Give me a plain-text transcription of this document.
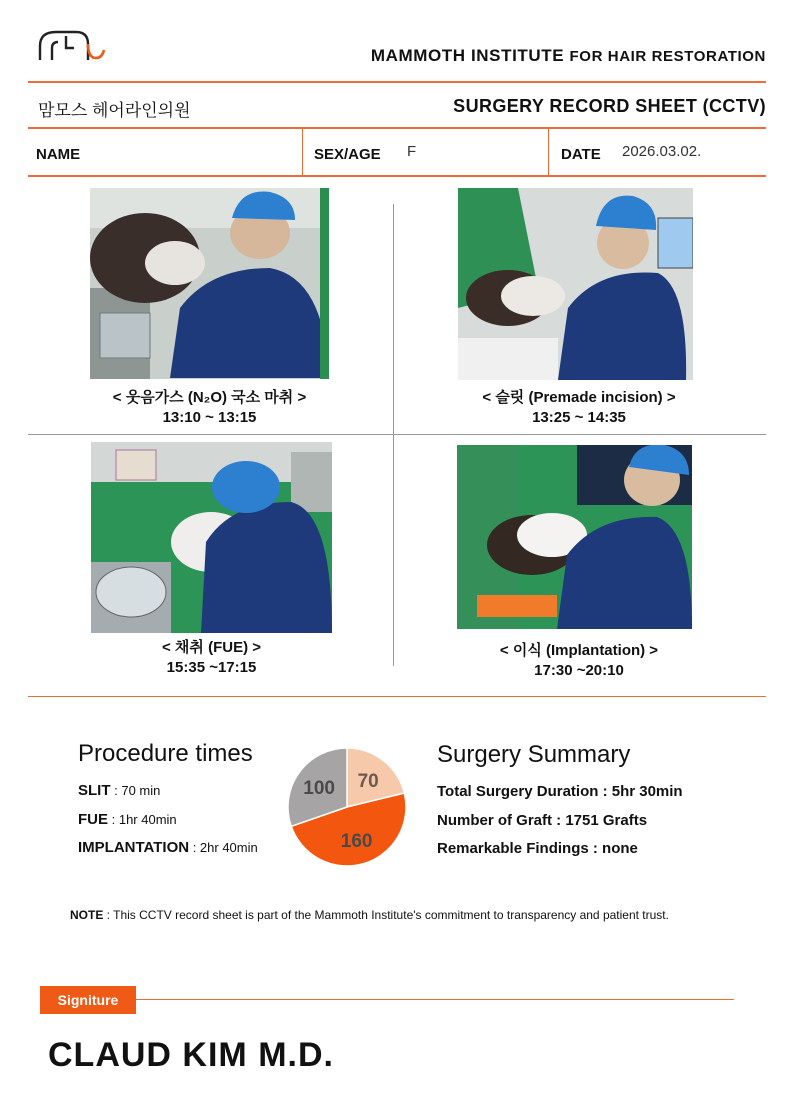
MAMMOTH INSTITUTE FOR HAIR RESTORATION
맘모스 헤어라인의원	SURGERY RECORD SHEET (CCTV)
NAME	SEX/AGE F	DATE 2026.03.02.
< 웃음가스 (N₂O) 국소 마취 >
13:10 ~ 13:15
< 슬릿 (Premade incision) >
13:25 ~ 14:35
< 채취 (FUE) >
15:35 ~17:15
< 이식 (Implantation) >
17:30 ~20:10
Procedure times
SLIT : 70 min
FUE : 1hr 40min
IMPLANTATION : 2hr 40min
70
160
100
Surgery Summary
Total Surgery Duration : 5hr 30min
Number of Graft : 1751 Grafts
Remarkable Findings : none
NOTE : This CCTV record sheet is part of the Mammoth Institute's commitment to transparency and patient trust.
Signiture
CLAUD KIM M.D.
